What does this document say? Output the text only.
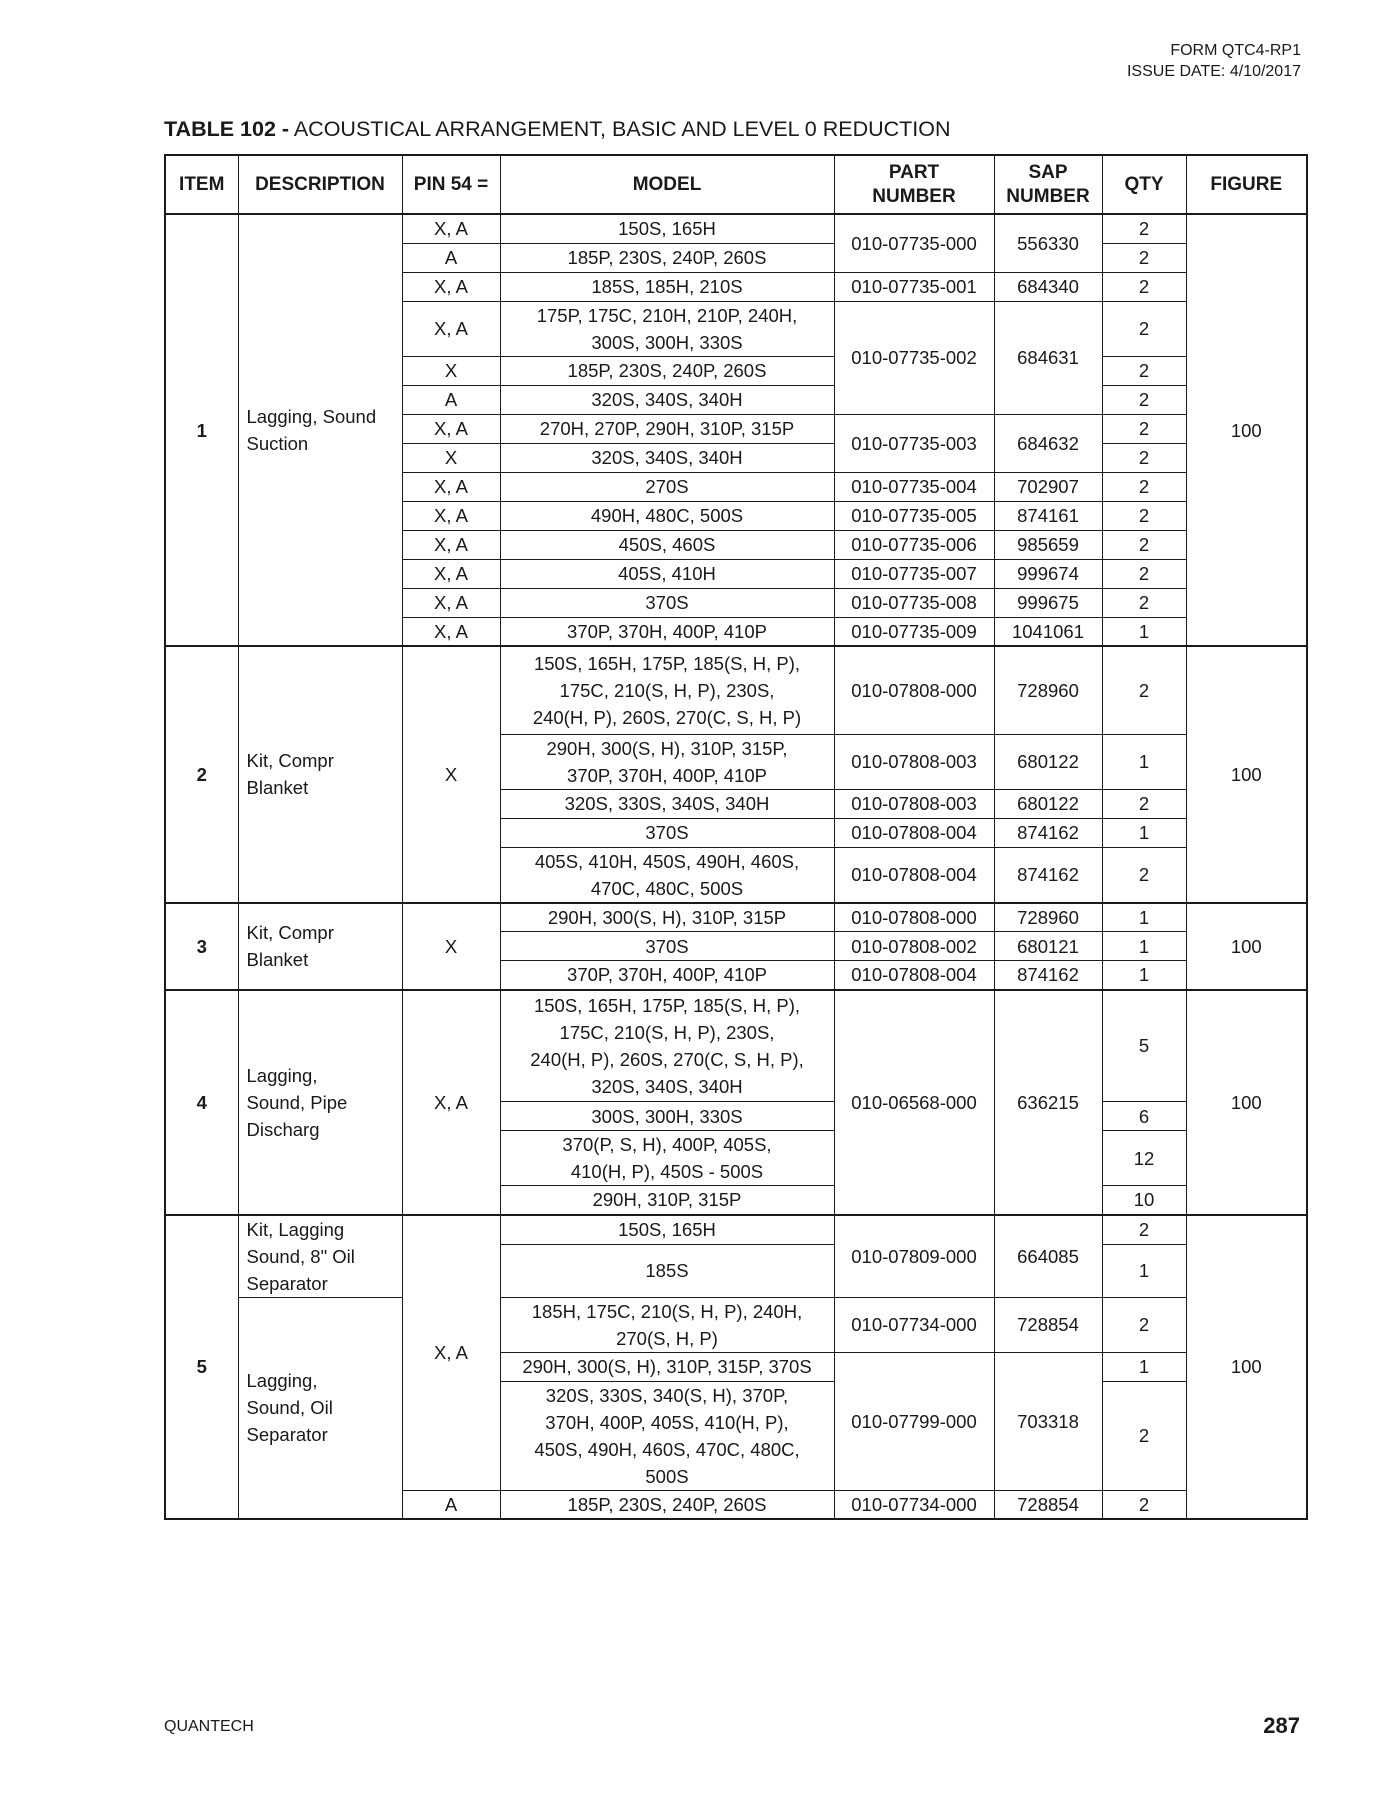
FORM QTC4-RP1
ISSUE DATE: 4/10/2017
TABLE 102 - ACOUSTICAL ARRANGEMENT, BASIC AND LEVEL 0 REDUCTION
ITEM	DESCRIPTION	PIN 54 =	MODEL	PART
NUMBER	SAP
NUMBER	QTY	FIGURE
1	Lagging, Sound
Suction	X, A	150S, 165H	010-07735-000	556330	2	100
		A	185P, 230S, 240P, 260S			2	
		X, A	185S, 185H, 210S	010-07735-001	684340	2	
		X, A	175P, 175C, 210H, 210P, 240H,
300S, 300H, 330S	010-07735-002	684631	2	
		X	185P, 230S, 240P, 260S			2	
		A	320S, 340S, 340H			2	
		X, A	270H, 270P, 290H, 310P, 315P	010-07735-003	684632	2	
		X	320S, 340S, 340H			2	
		X, A	270S	010-07735-004	702907	2	
		X, A	490H, 480C, 500S	010-07735-005	874161	2	
		X, A	450S, 460S	010-07735-006	985659	2	
		X, A	405S, 410H	010-07735-007	999674	2	
		X, A	370S	010-07735-008	999675	2	
		X, A	370P, 370H, 400P, 410P	010-07735-009	1041061	1	
2	Kit, Compr
Blanket	X	150S, 165H, 175P, 185(S, H, P),
175C, 210(S, H, P), 230S,
240(H, P), 260S, 270(C, S, H, P)	010-07808-000	728960	2	100
			290H, 300(S, H), 310P, 315P,
370P, 370H, 400P, 410P	010-07808-003	680122	1	
			320S, 330S, 340S, 340H	010-07808-003	680122	2	
			370S	010-07808-004	874162	1	
			405S, 410H, 450S, 490H, 460S,
470C, 480C, 500S	010-07808-004	874162	2	
3	Kit, Compr
Blanket	X	290H, 300(S, H), 310P, 315P	010-07808-000	728960	1	100
			370S	010-07808-002	680121	1	
			370P, 370H, 400P, 410P	010-07808-004	874162	1	
4	Lagging,
Sound, Pipe
Discharg	X, A	150S, 165H, 175P, 185(S, H, P),
175C, 210(S, H, P), 230S,
240(H, P), 260S, 270(C, S, H, P),
320S, 340S, 340H	010-06568-000	636215	5	100
			300S, 300H, 330S			6	
			370(P, S, H), 400P, 405S,
410(H, P), 450S - 500S			12	
			290H, 310P, 315P			10	
5	Kit, Lagging
Sound, 8" Oil
Separator	X, A	150S, 165H	010-07809-000	664085	2	100
			185S			1	
	Lagging,
Sound, Oil
Separator		185H, 175C, 210(S, H, P), 240H,
270(S, H, P)	010-07734-000	728854	2	
			290H, 300(S, H), 310P, 315P, 370S	010-07799-000	703318	1	
			320S, 330S, 340(S, H), 370P,
370H, 400P, 405S, 410(H, P),
450S, 490H, 460S, 470C, 480C,
500S			2	
		A	185P, 230S, 240P, 260S	010-07734-000	728854	2	
QUANTECH	287
